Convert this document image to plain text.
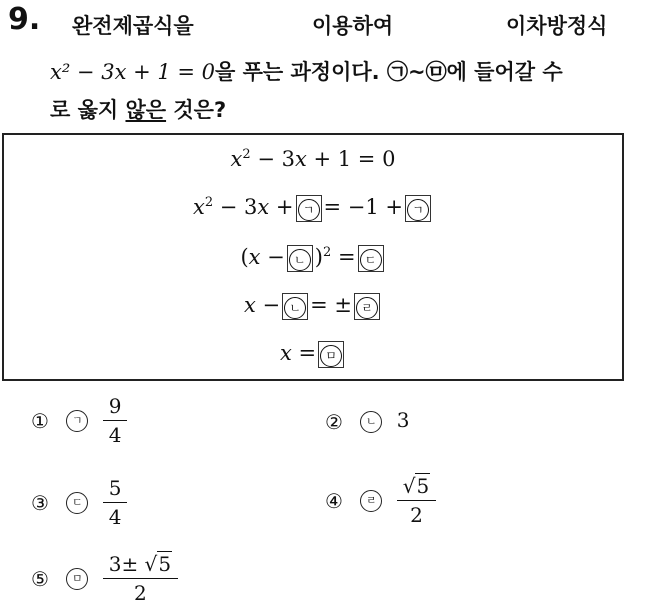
9. 완전제곱식을	이용하여	이차방정식
x² − 3x + 1 = 0을 푸는 과정이다. ㉠~㉤에 들어갈 수
로 옳지 않은 것은?
$x^2 - 3x + 1 = 0$
$x^2 - 3x$ + ㄱ = −1 + ㄱ
(x − ㄴ )$^2$ = ㄷ
x − ㄴ = ± ㄹ
x = ㅁ
① ㄱ $\frac{9}{4}$	② ㄴ 3
③ ㄷ $\frac{5}{4}$	④ ㄹ $\frac{√5}{2}$
⑤ ㅁ $\frac{3\pm √5}{2}$
